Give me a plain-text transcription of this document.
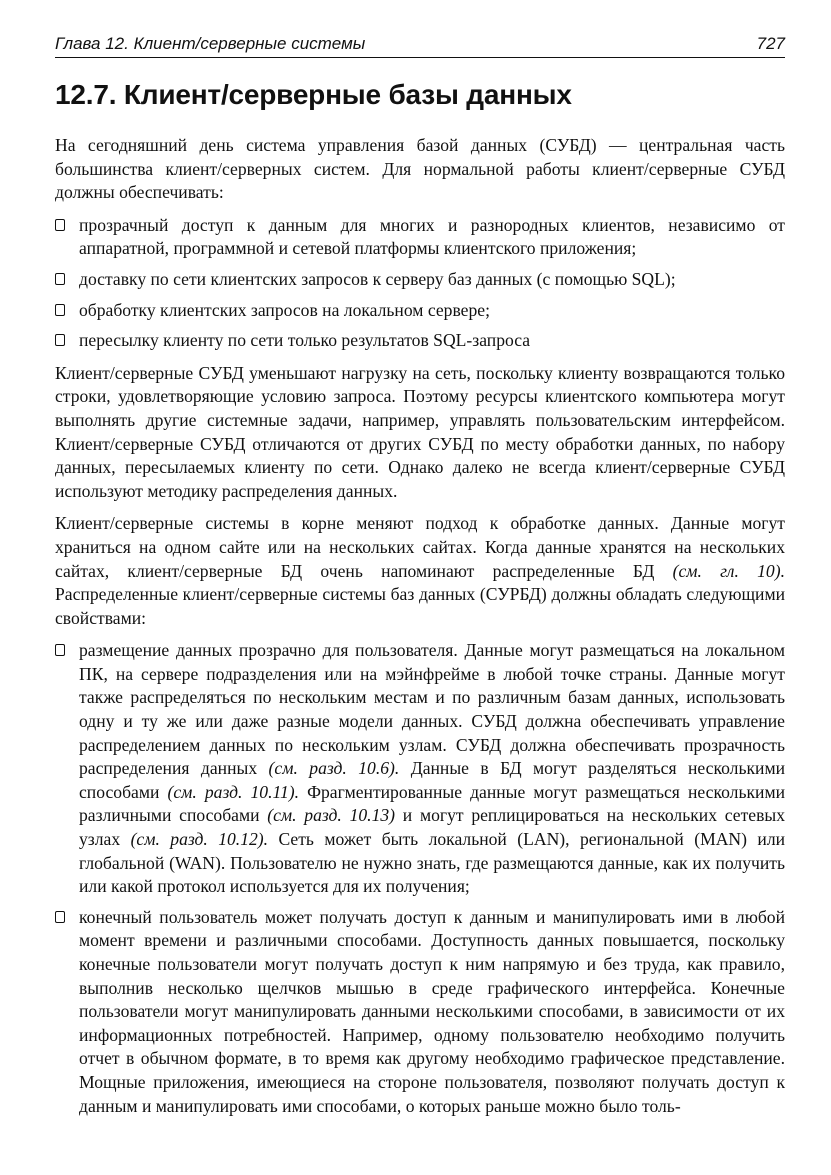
Глава 12. Клиент/серверные системы	727
12.7. Клиент/серверные базы данных

На сегодняшний день система управления базой данных (СУБД) — центральная часть большинства клиент/серверных систем. Для нормальной работы клиент/серверные СУБД должны обеспечивать:

прозрачный доступ к данным для многих и разнородных клиентов, независимо от аппаратной, программной и сетевой платформы клиентского приложения;
доставку по сети клиентских запросов к серверу баз данных (с помощью SQL);
обработку клиентских запросов на локальном сервере;
пересылку клиенту по сети только результатов SQL-запроса

Клиент/серверные СУБД уменьшают нагрузку на сеть, поскольку клиенту возвращаются только строки, удовлетворяющие условию запроса. Поэтому ресурсы клиентского компьютера могут выполнять другие системные задачи, например, управлять пользовательским интерфейсом. Клиент/серверные СУБД отличаются от других СУБД по месту обработки данных, по набору данных, пересылаемых клиенту по сети. Однако далеко не всегда клиент/серверные СУБД используют методику распределения данных.

Клиент/серверные системы в корне меняют подход к обработке данных. Данные могут храниться на одном сайте или на нескольких сайтах. Когда данные хранятся на нескольких сайтах, клиент/серверные БД очень напоминают распределенные БД (см. гл. 10). Распределенные клиент/серверные системы баз данных (СУРБД) должны обладать следующими свойствами:

размещение данных прозрачно для пользователя. Данные могут размещаться на локальном ПК, на сервере подразделения или на мэйнфрейме в любой точке страны. Данные могут также распределяться по нескольким местам и по различным базам данных, использовать одну и ту же или даже разные модели данных. СУБД должна обеспечивать управление распределением данных по нескольким узлам. СУБД должна обеспечивать прозрачность распределения данных (см. разд. 10.6). Данные в БД могут разделяться несколькими способами (см. разд. 10.11). Фрагментированные данные могут размещаться несколькими различными способами (см. разд. 10.13) и могут реплицироваться на нескольких сетевых узлах (см. разд. 10.12). Сеть может быть локальной (LAN), региональной (MAN) или глобальной (WAN). Пользователю не нужно знать, где размещаются данные, как их получить или какой протокол используется для их получения;
конечный пользователь может получать доступ к данным и манипулировать ими в любой момент времени и различными способами. Доступность данных повышается, поскольку конечные пользователи могут получать доступ к ним напрямую и без труда, как правило, выполнив несколько щелчков мышью в среде графического интерфейса. Конечные пользователи могут манипулировать данными несколькими способами, в зависимости от их информационных потребностей. Например, одному пользователю необходимо получить отчет в обычном формате, в то время как другому необходимо графическое представление. Мощные приложения, имеющиеся на стороне пользователя, позволяют получать доступ к данным и манипулировать ими способами, о которых раньше можно было толь-
